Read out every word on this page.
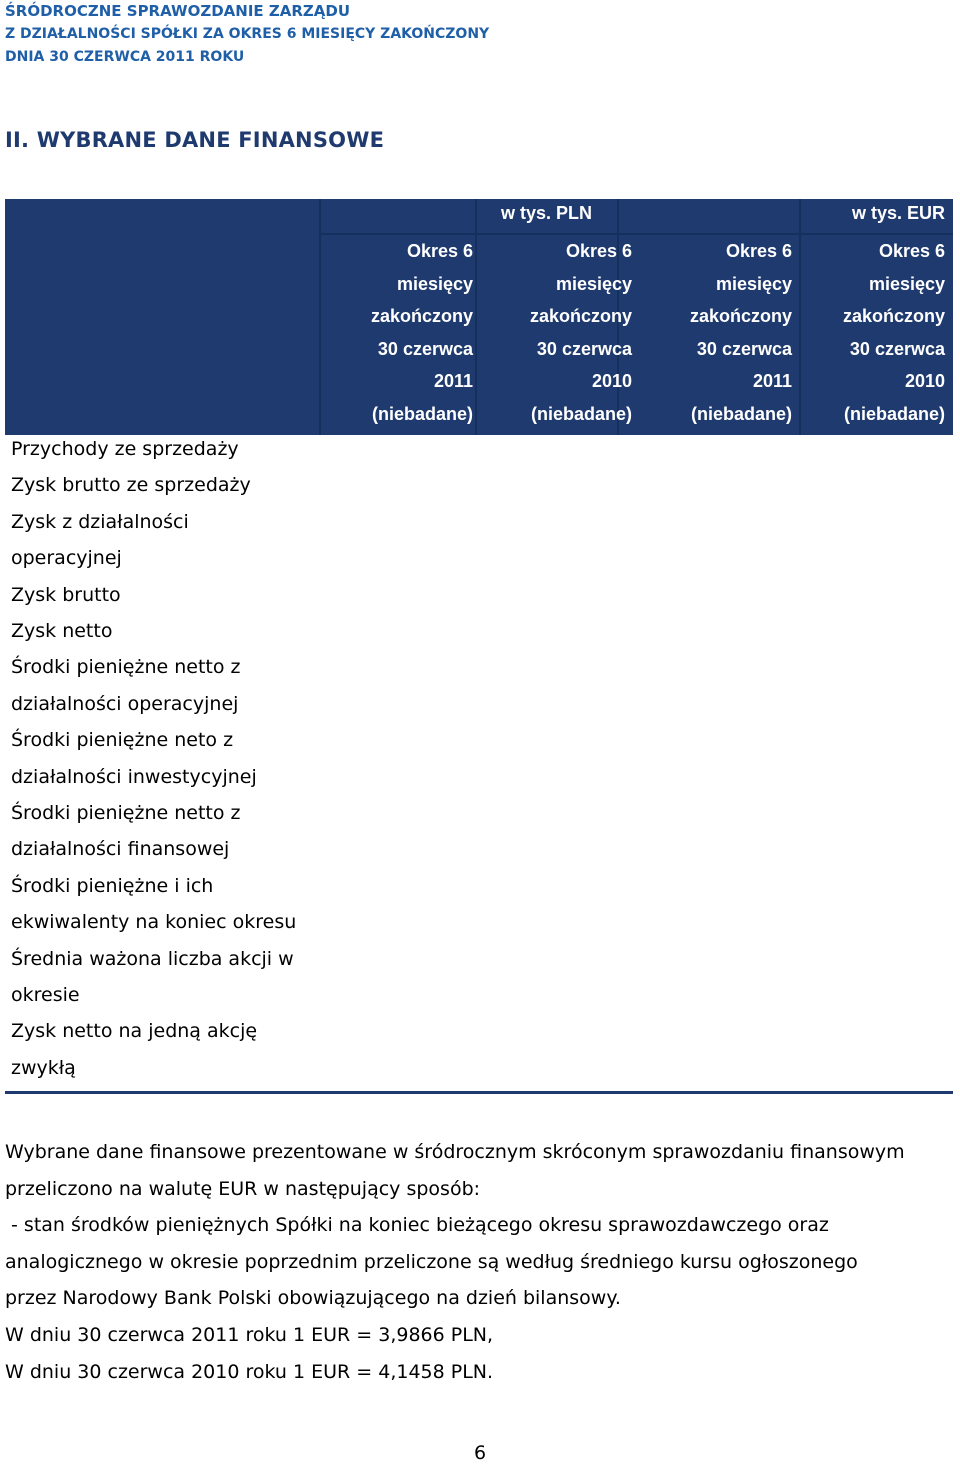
ŚRÓDROCZNE SPRAWOZDANIE ZARZĄDU
Z DZIAŁALNOŚCI SPÓŁKI ZA OKRES 6 MIESIĘCY ZAKOŃCZONY
DNIA 30 CZERWCA 2011 ROKU
II. WYBRANE DANE FINANSOWE
w tys. PLN	w tys. EUR
Okres 6
miesięcy
zakończony
30 czerwca
2011
(niebadane)
Okres 6
miesięcy
zakończony
30 czerwca
2010
(niebadane)
Okres 6
miesięcy
zakończony
30 czerwca
2011
(niebadane)
Okres 6
miesięcy
zakończony
30 czerwca
2010
(niebadane)
Przychody ze sprzedaży
Zysk brutto ze sprzedaży
Zysk z działalności
operacyjnej
Zysk brutto
Zysk netto
Środki pieniężne netto z
działalności operacyjnej
Środki pieniężne neto z
działalności inwestycyjnej
Środki pieniężne netto z
działalności finansowej
Środki pieniężne i ich
ekwiwalenty na koniec okresu
Średnia ważona liczba akcji w
okresie
Zysk netto na jedną akcję
zwykłą
Wybrane dane finansowe prezentowane w śródrocznym skróconym sprawozdaniu finansowym
przeliczono na walutę EUR w następujący sposób:
- stan środków pieniężnych Spółki na koniec bieżącego okresu sprawozdawczego oraz
analogicznego w okresie poprzednim przeliczone są według średniego kursu ogłoszonego
przez Narodowy Bank Polski obowiązującego na dzień bilansowy.
W dniu 30 czerwca 2011 roku 1 EUR = 3,9866 PLN,
W dniu 30 czerwca 2010 roku 1 EUR = 4,1458 PLN.
6
